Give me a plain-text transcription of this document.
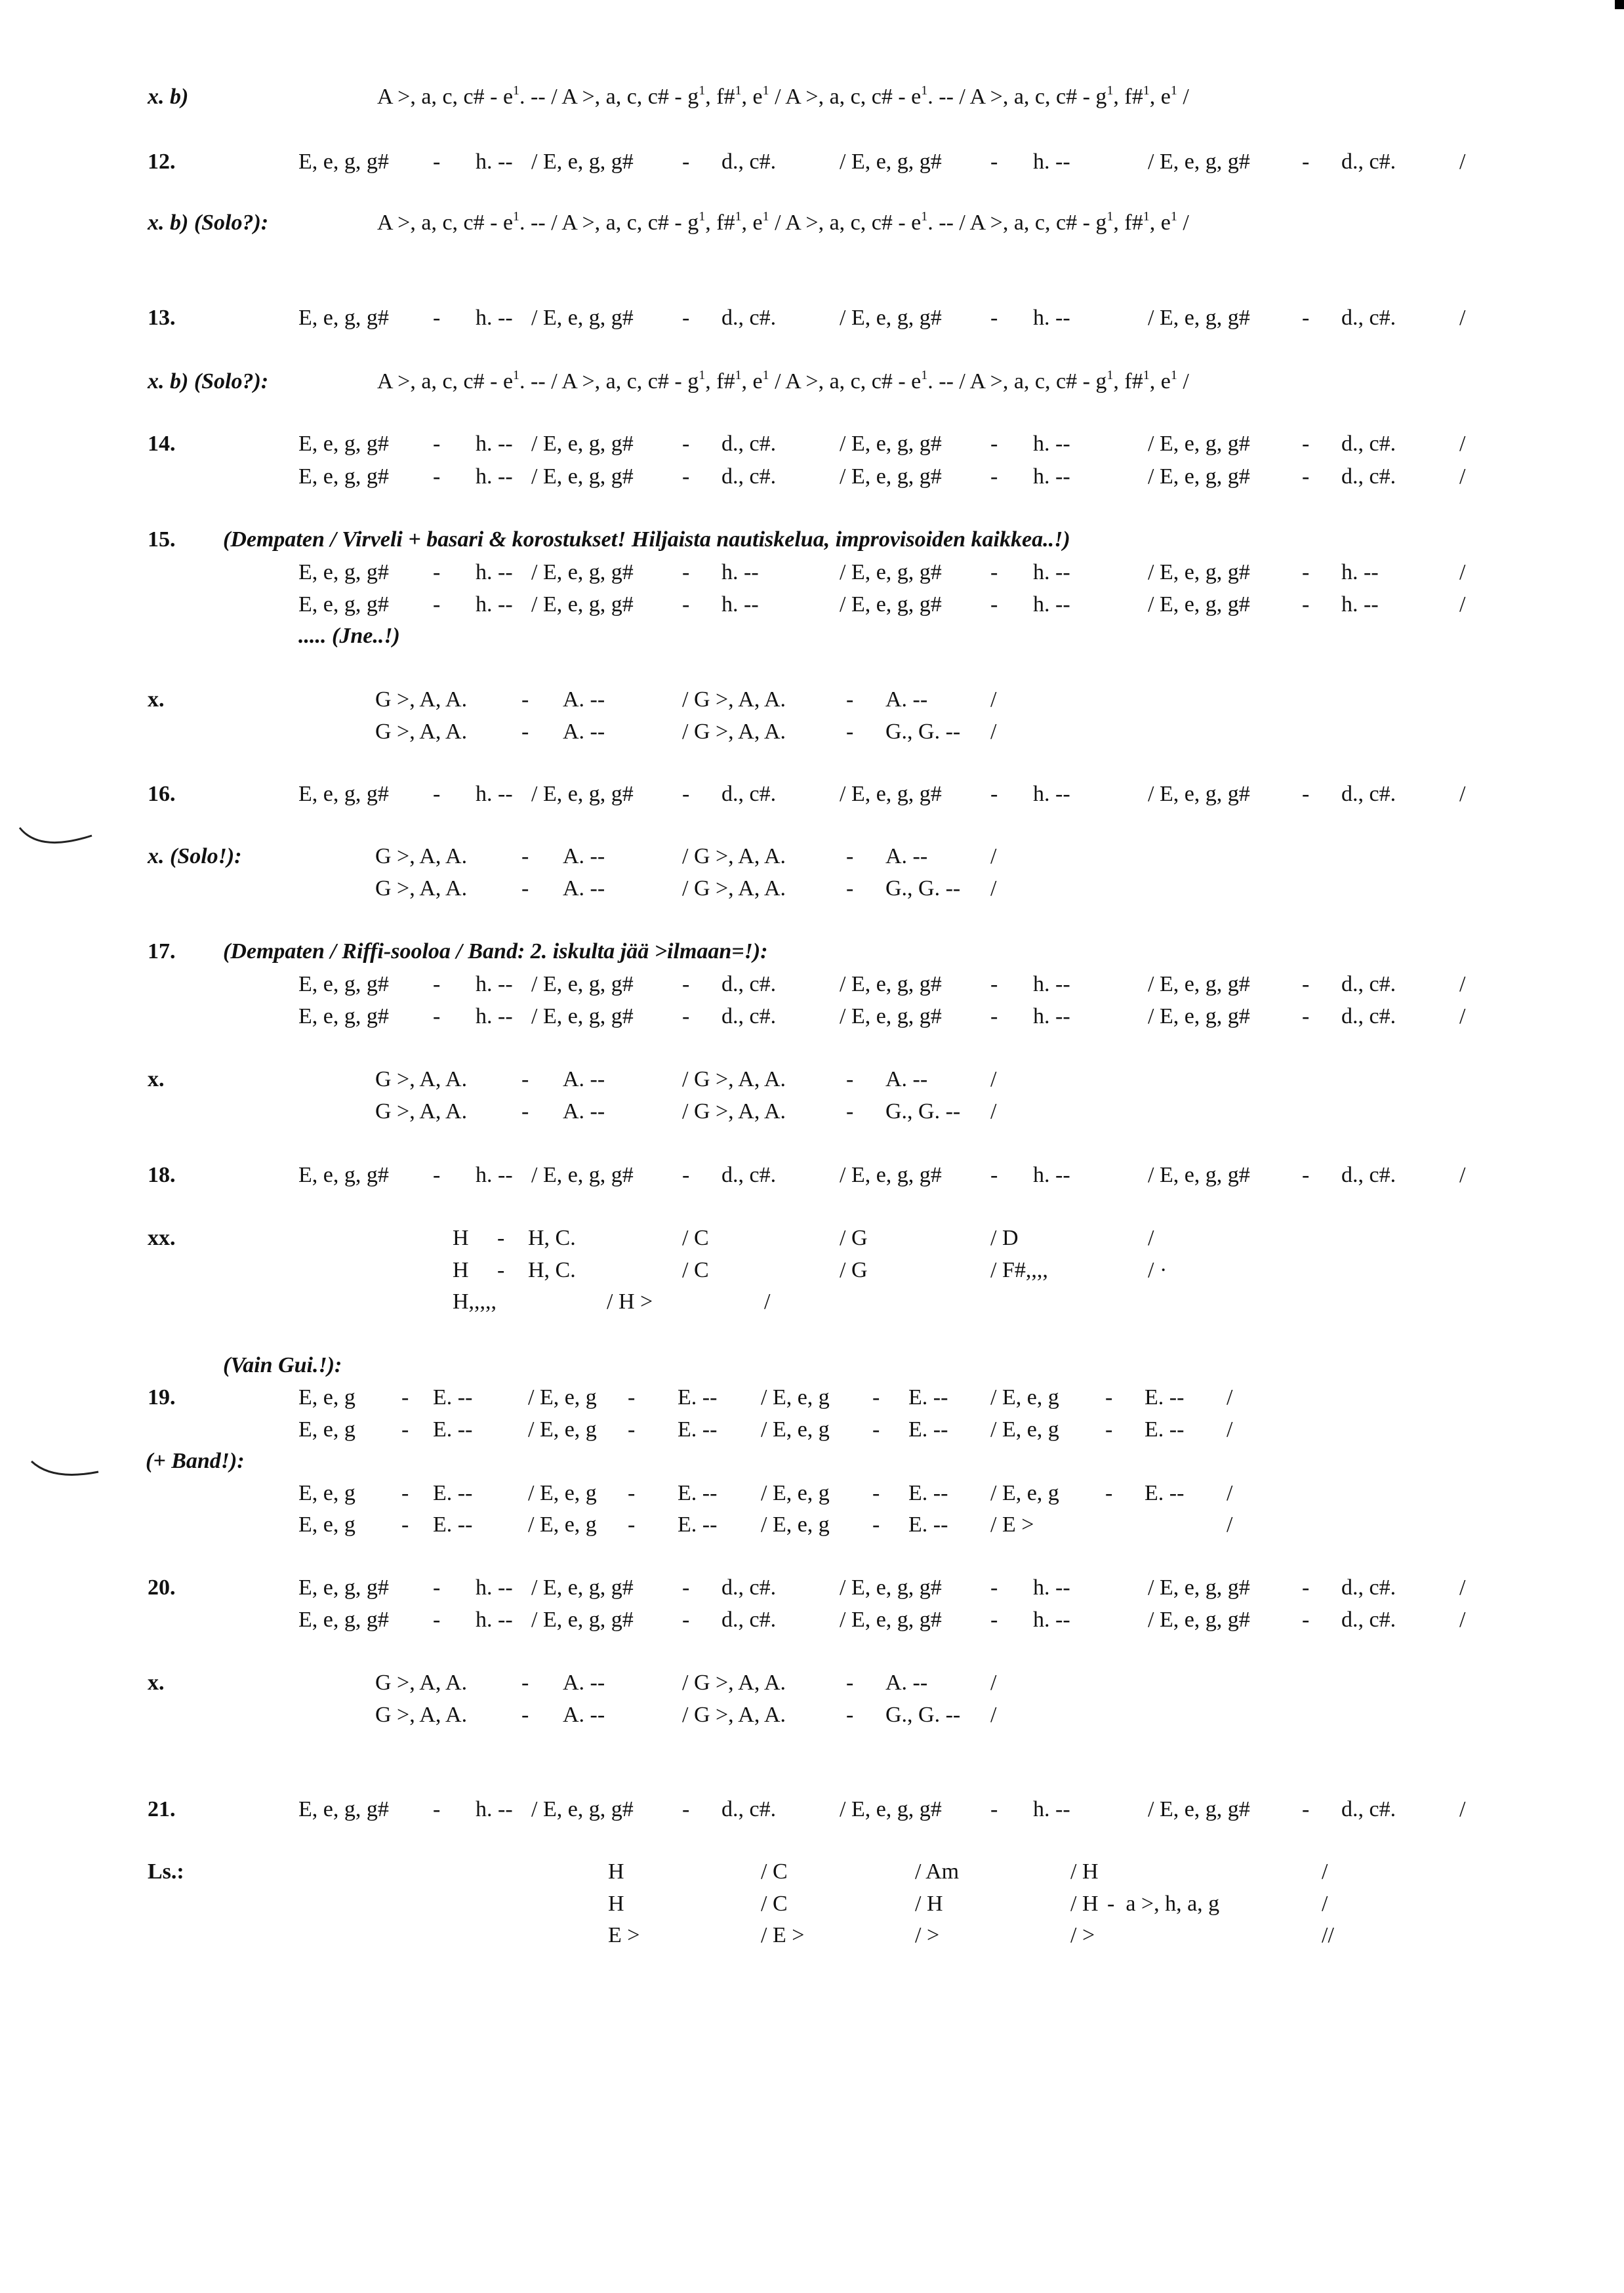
x. b)	A >, a, c, c# - $e^1$. -- / A >, a, c, c# - $g^1$, f#$^1$, $e^1$ / A >, a, c, c# - $e^1$. -- / A >, a, c, c# - $g^1$, f#$^1$, $e^1$ /
12.	E, e, g, g# - h. -- / E, e, g, g# - d., c#.	/ E, e, g, g# - h. --	/ E, e, g, g# - d., c#.	/
x. b) (Solo?):	A >, a, c, c# - $e^1$. -- / A >, a, c, c# - $g^1$, f#$^1$, $e^1$ / A >, a, c, c# - $e^1$. -- / A >, a, c, c# - $g^1$, f#$^1$, $e^1$ /
13.	E, e, g, g# - h. -- / E, e, g, g# - d., c#.	/ E, e, g, g# - h. --	/ E, e, g, g# - d., c#.	/
x. b) (Solo?):	A >, a, c, c# - $e^1$. -- / A >, a, c, c# - $g^1$, f#$^1$, $e^1$ / A >, a, c, c# - $e^1$. -- / A >, a, c, c# - $g^1$, f#$^1$, $e^1$ /
14.	E, e, g, g# - h. -- / E, e, g, g# - d., c#.	/ E, e, g, g# - h. --	/ E, e, g, g# - d., c#.	/
E, e, g, g# - h. -- / E, e, g, g# - d., c#.	/ E, e, g, g# - h. --	/ E, e, g, g# - d., c#.	/
15. (Dempaten / Virveli + basari & korostukset! Hiljaista nautiskelua, improvisoiden kaikkea..!)
E, e, g, g# - h. -- / E, e, g, g# - h. --	/ E, e, g, g# - h. --	/ E, e, g, g# - h. --	/
E, e, g, g# - h. -- / E, e, g, g# - h. --	/ E, e, g, g# - h. --	/ E, e, g, g# - h. --	/
..... (Jne..!)
x.	G >, A, A. - A. --	/ G >, A, A.	- A. --	/
G >, A, A. - A. --	/ G >, A, A.	- G., G. -- /
16.	E, e, g, g# - h. -- / E, e, g, g# - d., c#.	/ E, e, g, g# - h. --	/ E, e, g, g# - d., c#.	/
x. (Solo!):	G >, A, A. - A. --	/ G >, A, A.	- A. --	/
G >, A, A. - A. --	/ G >, A, A.	- G., G. -- /
17. (Dempaten / Riffi-sooloa / Band: 2. iskulta jää >ilmaan=!):
E, e, g, g# - h. -- / E, e, g, g# - d., c#.	/ E, e, g, g# - h. --	/ E, e, g, g# - d., c#.	/
E, e, g, g# - h. -- / E, e, g, g# - d., c#.	/ E, e, g, g# - h. --	/ E, e, g, g# - d., c#.	/
x.	G >, A, A. - A. --	/ G >, A, A.	- A. --	/
G >, A, A. - A. --	/ G >, A, A.	- G., G. -- /
18.	E, e, g, g# - h. -- / E, e, g, g# - d., c#.	/ E, e, g, g# - h. --	/ E, e, g, g# - d., c#.	/
xx.	H - H, C.	/ C	/ G	/ D	/
H - H, C.	/ C	/ G	/ F#,,,,	/ ·
H,,,,,	/ H >	/
(Vain Gui.!):
19.	E, e, g - E. -- / E, e, g - E. -- / E, e, g - E. -- / E, e, g - E. -- /
E, e, g - E. -- / E, e, g - E. -- / E, e, g - E. -- / E, e, g - E. -- /
(+ Band!):
E, e, g - E. -- / E, e, g - E. -- / E, e, g - E. -- / E, e, g - E. -- /
E, e, g - E. -- / E, e, g - E. -- / E, e, g - E. -- / E >	/
20.	E, e, g, g# - h. -- / E, e, g, g# - d., c#.	/ E, e, g, g# - h. --	/ E, e, g, g# - d., c#.	/
E, e, g, g# - h. -- / E, e, g, g# - d., c#.	/ E, e, g, g# - h. --	/ E, e, g, g# - d., c#.	/
x.	G >, A, A. - A. --	/ G >, A, A.	- A. --	/
G >, A, A. - A. --	/ G >, A, A.	- G., G. -- /
21.	E, e, g, g# - h. -- / E, e, g, g# - d., c#.	/ E, e, g, g# - h. --	/ E, e, g, g# - d., c#.	/
Ls.:	H	/ C	/ Am	/ H	/
H	/ C	/ H	/ H -  a >, h, a, g	/
E >	/ E >	/ >	/ >	//
